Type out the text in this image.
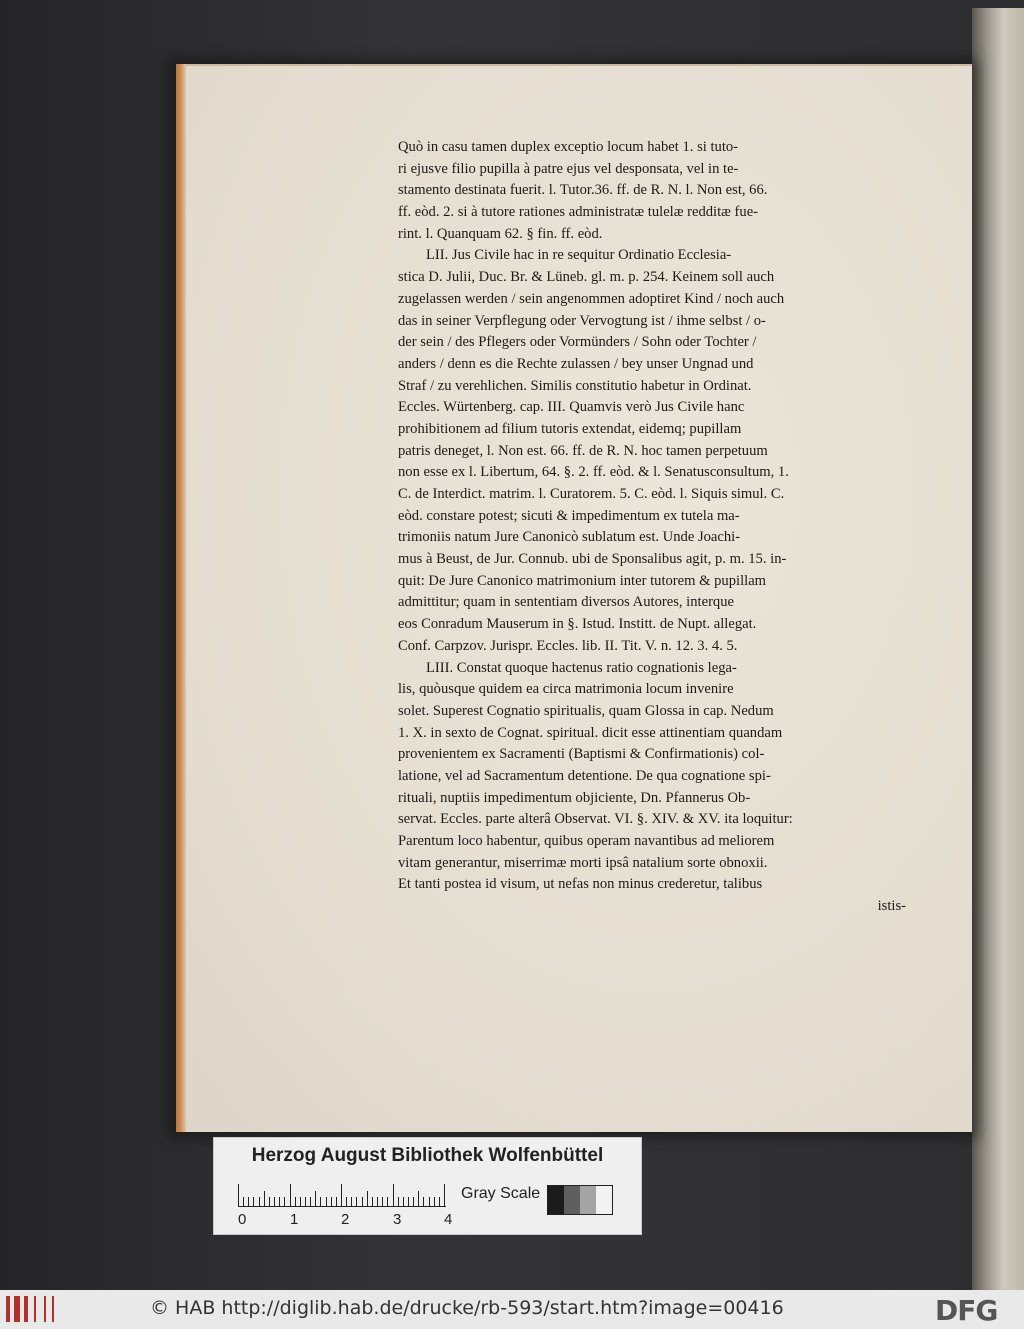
Quò in casu tamen duplex exceptio locum habet 1. si tuto-
ri ejusve filio pupilla à patre ejus vel desponsata, vel in te-
stamento destinata fuerit. l. Tutor.36. ff. de R. N. l. Non est, 66.
ff. eòd. 2. si à tutore rationes administratæ tulelæ redditæ fue-
rint. l. Quanquam 62. § fin. ff. eòd.
LII. Jus Civile hac in re sequitur Ordinatio Ecclesia-
stica D. Julii, Duc. Br. & Lüneb. gl. m. p. 254. Keinem soll auch
zugelassen werden / sein angenommen adoptiret Kind / noch auch
das in seiner Verpflegung oder Vervogtung ist / ihme selbst / o-
der sein / des Pflegers oder Vormünders / Sohn oder Tochter /
anders / denn es die Rechte zulassen / bey unser Ungnad und
Straf / zu verehlichen. Similis constitutio habetur in Ordinat.
Eccles. Würtenberg. cap. III. Quamvis verò Jus Civile hanc
prohibitionem ad filium tutoris extendat, eidemq; pupillam
patris deneget, l. Non est. 66. ff. de R. N. hoc tamen perpetuum
non esse ex l. Libertum, 64. §. 2. ff. eòd. & l. Senatusconsultum, 1.
C. de Interdict. matrim. l. Curatorem. 5. C. eòd. l. Siquis simul. C.
eòd. constare potest; sicuti & impedimentum ex tutela ma-
trimoniis natum Jure Canonicò sublatum est. Unde Joachi-
mus à Beust, de Jur. Connub. ubi de Sponsalibus agit, p. m. 15. in-
quit: De Jure Canonico matrimonium inter tutorem & pupillam
admittitur; quam in sententiam diversos Autores, interque
eos Conradum Mauserum in §. Istud. Institt. de Nupt. allegat.
Conf. Carpzov. Jurispr. Eccles. lib. II. Tit. V. n. 12. 3. 4. 5.
LIII. Constat quoque hactenus ratio cognationis lega-
lis, quòusque quidem ea circa matrimonia locum invenire
solet. Superest Cognatio spiritualis, quam Glossa in cap. Nedum
1. X. in sexto de Cognat. spiritual. dicit esse attinentiam quandam
provenientem ex Sacramenti (Baptismi & Confirmationis) col-
latione, vel ad Sacramentum detentione. De qua cognatione spi-
rituali, nuptiis impedimentum objiciente, Dn. Pfannerus Ob-
servat. Eccles. parte alterâ Observat. VI. §. XIV. & XV. ita loquitur:
Parentum loco habentur, quibus operam navantibus ad meliorem
vitam generantur, miserrimæ morti ipsâ natalium sorte obnoxii.
Et tanti postea id visum, ut nefas non minus crederetur, talibus
istis-
Herzog August Bibliothek Wolfenbüttel
0	1	2	3	4
Gray Scale
© HAB http://diglib.hab.de/drucke/rb-593/start.htm?image=00416	DFG
